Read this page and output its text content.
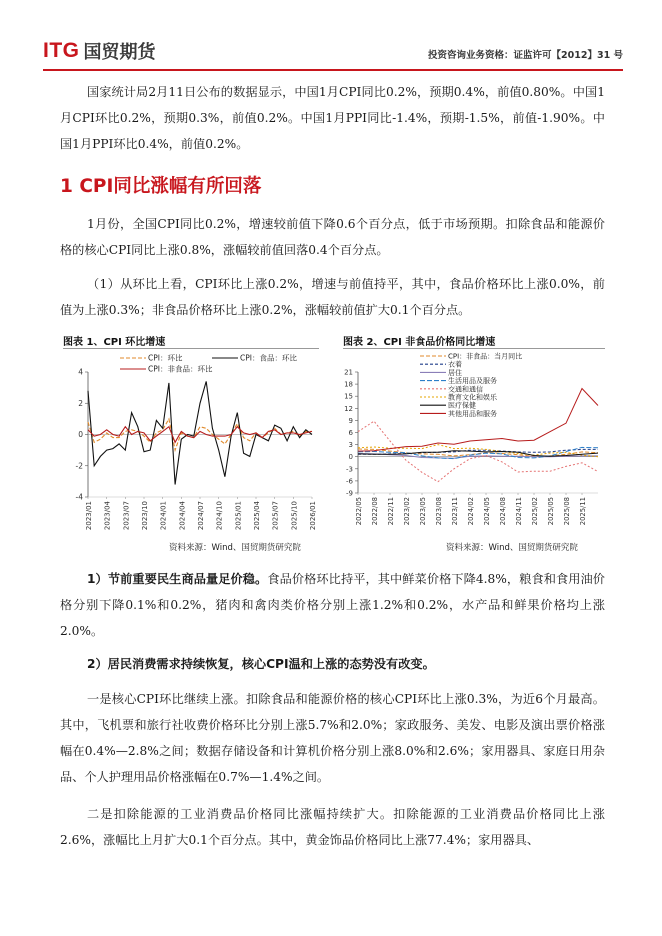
ITG 国贸期货	投资咨询业务资格：证监许可【2012】31 号

国家统计局2月11日公布的数据显示，中国1月CPI同比0.2%，预期0.4%，前值0.80%。中国1月CPI环比0.2%，预期0.3%，前值0.2%。中国1月PPI同比-1.4%，预期-1.5%，前值-1.90%。中国1月PPI环比0.4%，前值0.2%。

1 CPI同比涨幅有所回落

1月份，全国CPI同比0.2%，增速较前值下降0.6个百分点，低于市场预期。扣除食品和能源价格的核心CPI同比上涨0.8%，涨幅较前值回落0.4个百分点。

（1）从环比上看，CPI环比上涨0.2%，增速与前值持平，其中，食品价格环比上涨0.0%，前值为上涨0.3%；非食品价格环比上涨0.2%，涨幅较前值扩大0.1个百分点。

图表 1、CPI 环比增速
-4
-2
0
2
4
2023/01 2023/04 2023/07 2023/10 2024/01 2024/04 2024/07 2024/10 2025/01 2025/04 2025/07 2025/10 2026/01
CPI：环比	CPI：食品：环比
CPI：非食品：环比
资料来源：Wind、国贸期货研究院
图表 2、CPI 非食品价格同比增速
-9
-6
-3
0
3
6
9
12
15
18
21
2022/05 2022/08 2022/11 2023/02 2023/05 2023/08 2023/11 2024/02 2024/05 2024/08 2024/11 2025/02 2025/05 2025/08 2025/11
CPI：非食品：当月同比
衣着
居住
生活用品及服务
交通和通信
教育文化和娱乐
医疗保健
其他用品和服务
资料来源：Wind、国贸期货研究院

1）节前重要民生商品量足价稳。食品价格环比持平，其中鲜菜价格下降4.8%，粮食和食用油价格分别下降0.1%和0.2%，猪肉和禽肉类价格分别上涨1.2%和0.2%，水产品和鲜果价格均上涨2.0%。

2）居民消费需求持续恢复，核心CPI温和上涨的态势没有改变。

一是核心CPI环比继续上涨。扣除食品和能源价格的核心CPI环比上涨0.3%，为近6个月最高。其中，飞机票和旅行社收费价格环比分别上涨5.7%和2.0%；家政服务、美发、电影及演出票价格涨幅在0.4%—2.8%之间；数据存储设备和计算机价格分别上涨8.0%和2.6%；家用器具、家庭日用杂品、个人护理用品价格涨幅在0.7%—1.4%之间。

二是扣除能源的工业消费品价格同比涨幅持续扩大。扣除能源的工业消费品价格同比上涨2.6%，涨幅比上月扩大0.1个百分点。其中，黄金饰品价格同比上涨77.4%；家用器具、
